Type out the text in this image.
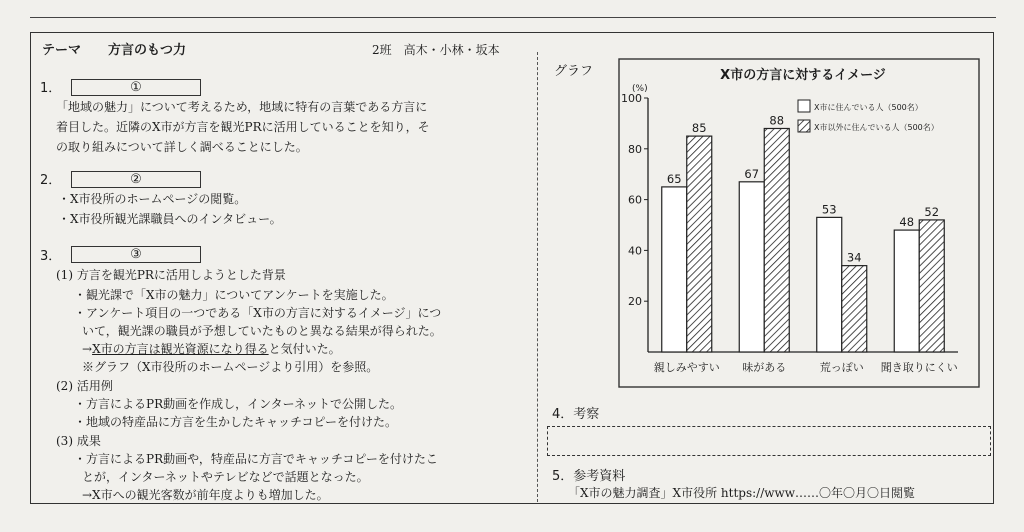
テーマ 方言のもつ力	2班　高木・小林・坂本
1．	①
「地域の魅力」について考えるため，地域に特有の言葉である方言に
着目した。近隣のX市が方言を観光PRに活用していることを知り，そ
の取り組みについて詳しく調べることにした。
2．	②
・X市役所のホームページの閲覧。
・X市役所観光課職員へのインタビュー。
3．	③
(1) 方言を観光PRに活用しようとした背景
・観光課で「X市の魅力」についてアンケートを実施した。
・アンケート項目の一つである「X市の方言に対するイメージ」につ
いて，観光課の職員が予想していたものと異なる結果が得られた。
→X市の方言は観光資源になり得ると気付いた。
※グラフ（X市役所のホームページより引用）を参照。
(2) 活用例
・方言によるPR動画を作成し，インターネットで公開した。
・地域の特産品に方言を生かしたキャッチコピーを付けた。
(3) 成果
・方言によるPR動画や，特産品に方言でキャッチコピーを付けたこ
とが，インターネットやテレビなどで話題となった。
→X市への観光客数が前年度よりも増加した。
グラフ	X市の方言に対するイメージ
(%)
20
40
60
80
100
65
85
親しみやすい
67
88
味がある
53
34
荒っぽい
48
52
聞き取りにくい
X市に住んでいる人（500名）
X市以外に住んでいる人（500名）
4．考察
5．参考資料
「X市の魅力調査」X市役所 https://www……〇年〇月〇日閲覧
